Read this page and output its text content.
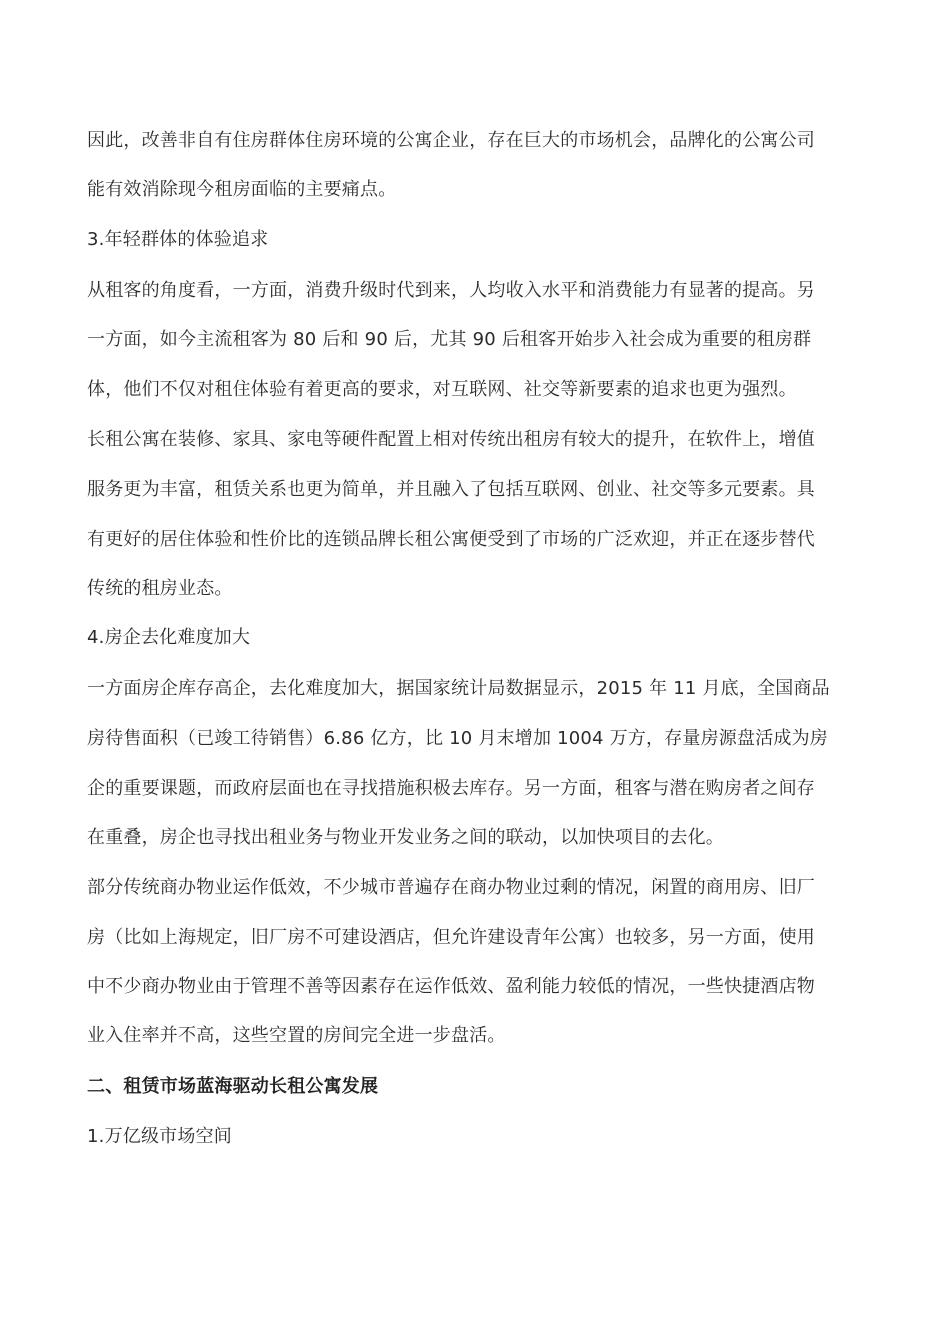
因此，改善非自有住房群体住房环境的公寓企业，存在巨大的市场机会，品牌化的公寓公司
能有效消除现今租房面临的主要痛点。
3.年轻群体的体验追求
从租客的角度看，一方面，消费升级时代到来，人均收入水平和消费能力有显著的提高。另
一方面，如今主流租客为 80 后和 90 后，尤其 90 后租客开始步入社会成为重要的租房群
体，他们不仅对租住体验有着更高的要求，对互联网、社交等新要素的追求也更为强烈。
长租公寓在装修、家具、家电等硬件配置上相对传统出租房有较大的提升，在软件上，增值
服务更为丰富，租赁关系也更为简单，并且融入了包括互联网、创业、社交等多元要素。具
有更好的居住体验和性价比的连锁品牌长租公寓便受到了市场的广泛欢迎，并正在逐步替代
传统的租房业态。
4.房企去化难度加大
一方面房企库存高企，去化难度加大，据国家统计局数据显示，2015 年 11 月底，全国商品
房待售面积（已竣工待销售）6.86 亿方，比 10 月末增加 1004 万方，存量房源盘活成为房
企的重要课题，而政府层面也在寻找措施积极去库存。另一方面，租客与潜在购房者之间存
在重叠，房企也寻找出租业务与物业开发业务之间的联动，以加快项目的去化。
部分传统商办物业运作低效，不少城市普遍存在商办物业过剩的情况，闲置的商用房、旧厂
房（比如上海规定，旧厂房不可建设酒店，但允许建设青年公寓）也较多，另一方面，使用
中不少商办物业由于管理不善等因素存在运作低效、盈利能力较低的情况，一些快捷酒店物
业入住率并不高，这些空置的房间完全进一步盘活。
二、租赁市场蓝海驱动长租公寓发展
1.万亿级市场空间
